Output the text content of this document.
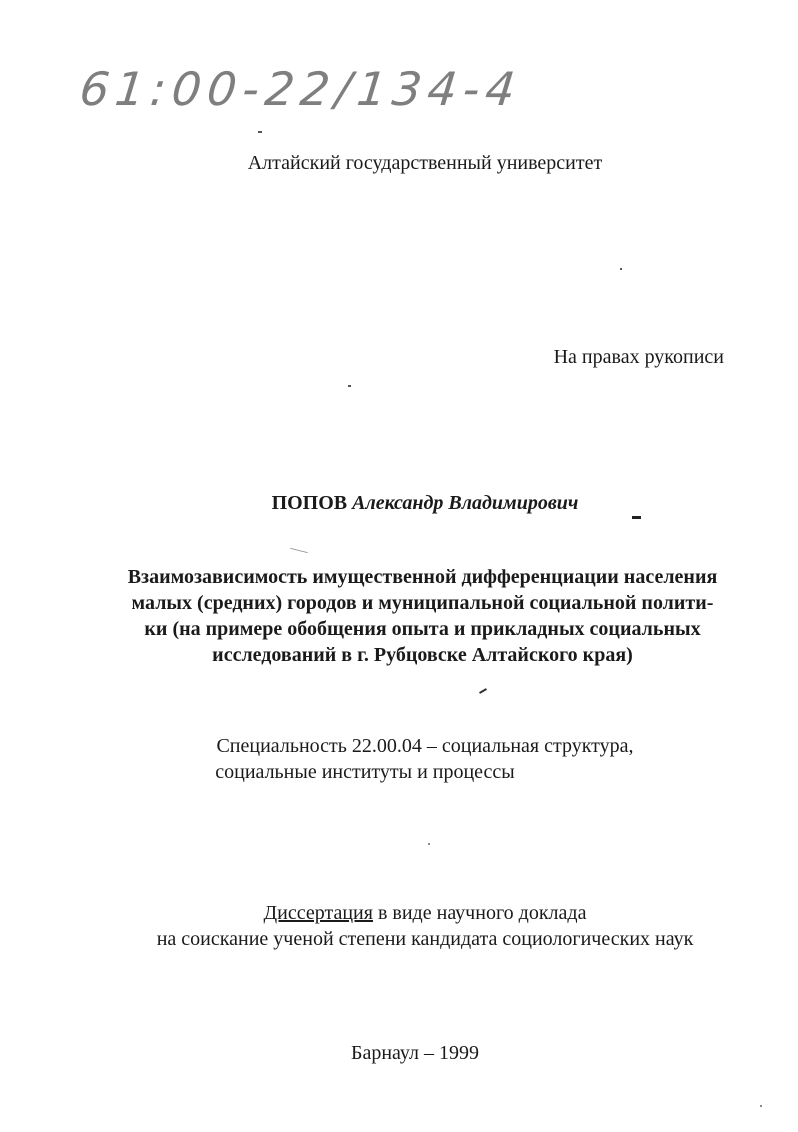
61:00-22/134-4
Алтайский государственный университет
На правах рукописи
ПОПОВ Александр Владимирович
Взаимозависимость имущественной дифференциации населения
малых (средних) городов и муниципальной социальной полити-
ки (на примере обобщения опыта и прикладных социальных
исследований в г. Рубцовске Алтайского края)
Специальность 22.00.04 – социальная структура,
социальные институты и процессы
Диссертация в виде научного доклада
на соискание ученой степени кандидата социологических наук
Барнаул – 1999
